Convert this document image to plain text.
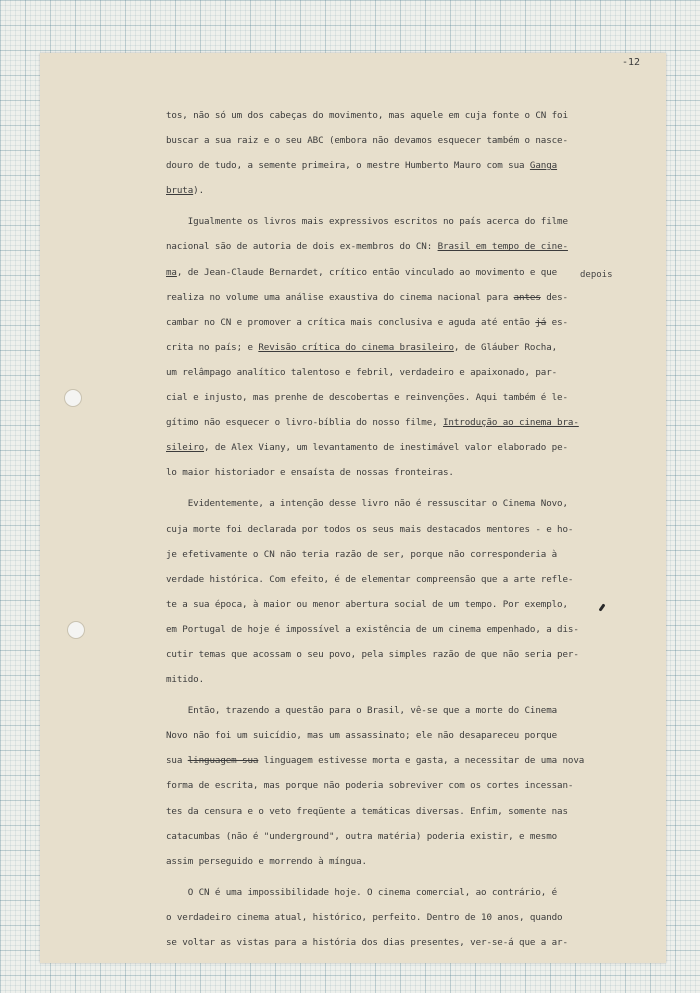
-12
tos, não só um dos cabeças do movimento, mas aquele em cuja fonte o CN foi
buscar a sua raiz e o seu ABC (embora não devamos esquecer também o nasce-
douro de tudo, a semente primeira, o mestre Humberto Mauro com sua Ganga
bruta).
Igualmente os livros mais expressivos escritos no país acerca do filme
nacional são de autoria de dois ex-membros do CN: Brasil em tempo de cine-
ma, de Jean-Claude Bernardet, crítico então vinculado ao movimento e que
realiza no volume uma análise exaustiva do cinema nacional para antes des-
cambar no CN e promover a crítica mais conclusiva e aguda até então já es-
crita no país; e Revisão crítica do cinema brasileiro, de Gláuber Rocha,
um relâmpago analítico talentoso e febril, verdadeiro e apaixonado, par-
cial e injusto, mas prenhe de descobertas e reinvenções. Aqui também é le-
gítimo não esquecer o livro-bíblia do nosso filme, Introdução ao cinema bra-
sileiro, de Alex Viany, um levantamento de inestimável valor elaborado pe-
lo maior historiador e ensaísta de nossas fronteiras.
Evidentemente, a intenção desse livro não é ressuscitar o Cinema Novo,
cuja morte foi declarada por todos os seus mais destacados mentores - e ho-
je efetivamente o CN não teria razão de ser, porque não corresponderia à
verdade histórica. Com efeito, é de elementar compreensão que a arte refle-
te a sua época, à maior ou menor abertura social de um tempo. Por exemplo,
em Portugal de hoje é impossível a existência de um cinema empenhado, a dis-
cutir temas que acossam o seu povo, pela simples razão de que não seria per-
mitido.
Então, trazendo a questão para o Brasil, vê-se que a morte do Cinema
Novo não foi um suicídio, mas um assassinato; ele não desapareceu porque
sua linguagem sua linguagem estivesse morta e gasta, a necessitar de uma nova
forma de escrita, mas porque não poderia sobreviver com os cortes incessan-
tes da censura e o veto freqüente a temáticas diversas. Enfim, somente nas
catacumbas (não é "underground", outra matéria) poderia existir, e mesmo
assim perseguido e morrendo à míngua.
O CN é uma impossibilidade hoje. O cinema comercial, ao contrário, é
o verdadeiro cinema atual, histórico, perfeito. Dentro de 10 anos, quando
se voltar as vistas para a história dos dias presentes, ver-se-á que a ar-
depois
